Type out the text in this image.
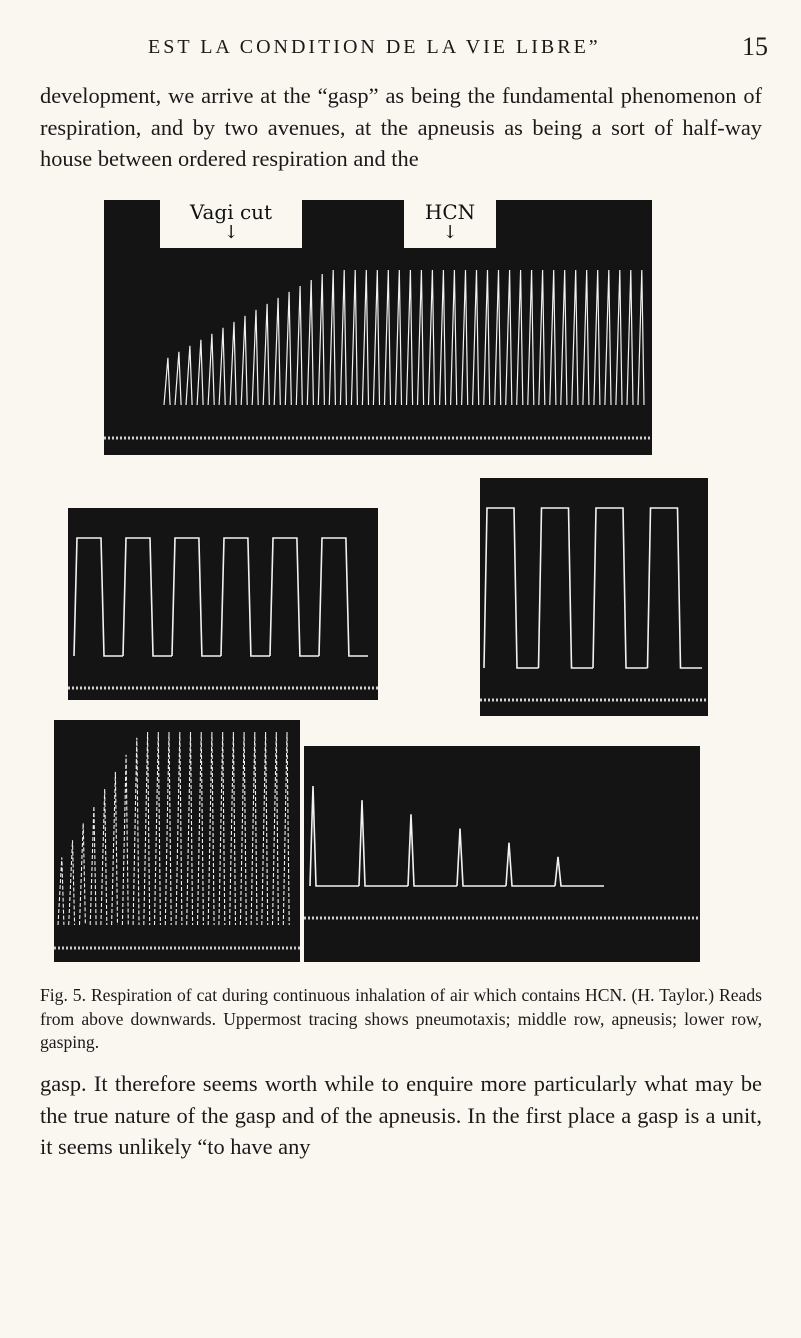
EST LA CONDITION DE LA VIE LIBRE”	15

development, we arrive at the “gasp” as being the fundamental phenomenon of respiration, and by two avenues, at the apneusis as being a sort of half-way house between ordered respiration and the

Vagi cut
↓
HCN
↓

Fig. 5. Respiration of cat during continuous inhalation of air which contains HCN. (H. Taylor.) Reads from above downwards. Uppermost tracing shows pneumotaxis; middle row, apneusis; lower row, gasping.

gasp. It therefore seems worth while to enquire more particularly what may be the true nature of the gasp and of the apneusis. In the first place a gasp is a unit, it seems unlikely “to have any
